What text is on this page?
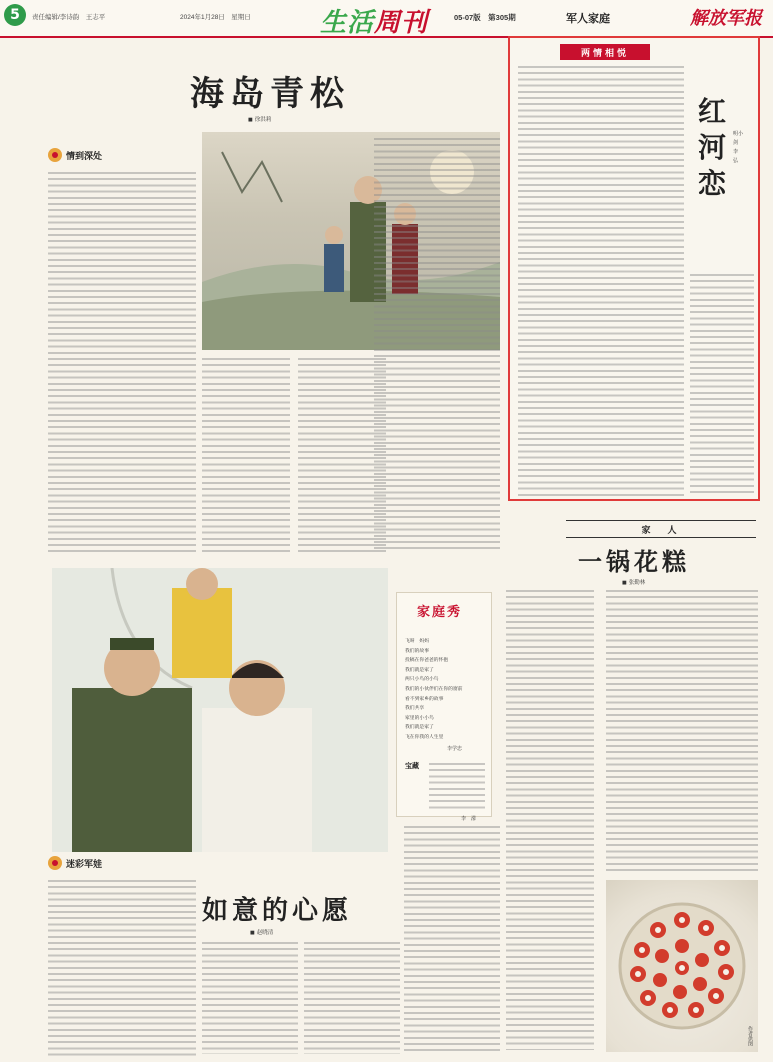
5	责任编辑/李诗韵　王志平	2024年1月28日　星期日	生活周刊	05-07版　第305期	军人家庭	解放军报
海岛青松
■ 徐洪莉
情到深处
两情相悦
红河恋
明小剑　李　弘
家庭秀
飞呀　妈妈
我们的故事
投稿在你爸爸的怀抱
我们就是家了
两只小鸟的小鸟
我们的小伙伴们在你的窗前
看不到家乡的故事
我们共享
家里的小小鸟
我们就是家了
飞在你我的人生里
李学忠
宝藏
李　濛
家　人
一锅花糕
■ 张勤林
作者供图
迷彩军娃
如意的心愿
■ 赵晓清
